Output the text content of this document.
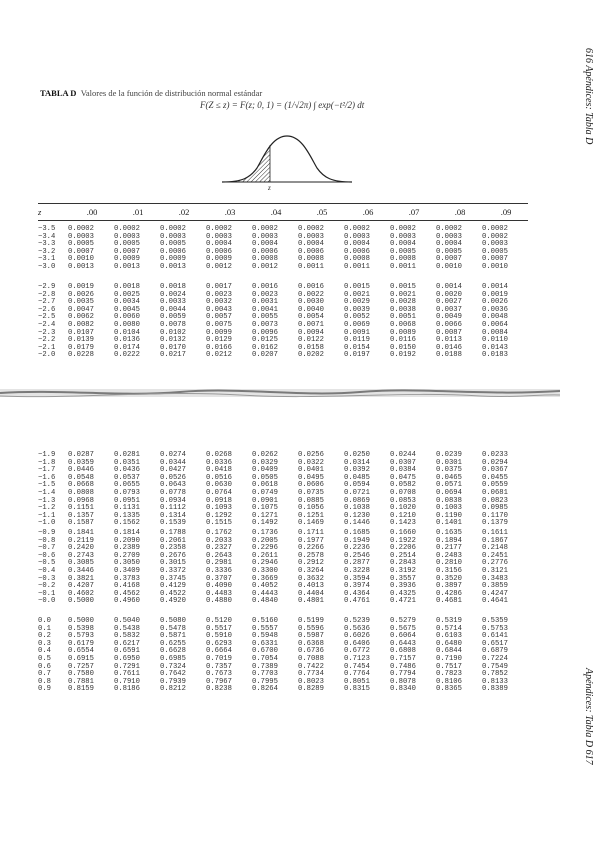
616 Apéndices: Tabla D
Apéndices: Tabla D 617
TABLA D Valores de la función de distribución normal estándar
F(Z ≤ z) = F(z; 0, 1) = (1/√2π) ∫ exp(−t²/2) dt
z
z	.00	.01	.02	.03	.04	.05	.06	.07	.08	.09
−3.5	0.0002	0.0002	0.0002	0.0002	0.0002	0.0002	0.0002	0.0002	0.0002	0.0002
−3.4	0.0003	0.0003	0.0003	0.0003	0.0003	0.0003	0.0003	0.0003	0.0003	0.0002
−3.3	0.0005	0.0005	0.0005	0.0004	0.0004	0.0004	0.0004	0.0004	0.0004	0.0003
−3.2	0.0007	0.0007	0.0006	0.0006	0.0006	0.0006	0.0006	0.0005	0.0005	0.0005
−3.1	0.0010	0.0009	0.0009	0.0009	0.0008	0.0008	0.0008	0.0008	0.0007	0.0007
−3.0	0.0013	0.0013	0.0013	0.0012	0.0012	0.0011	0.0011	0.0011	0.0010	0.0010
−2.9	0.0019	0.0018	0.0018	0.0017	0.0016	0.0016	0.0015	0.0015	0.0014	0.0014
−2.8	0.0026	0.0025	0.0024	0.0023	0.0023	0.0022	0.0021	0.0021	0.0020	0.0019
−2.7	0.0035	0.0034	0.0033	0.0032	0.0031	0.0030	0.0029	0.0028	0.0027	0.0026
−2.6	0.0047	0.0045	0.0044	0.0043	0.0041	0.0040	0.0039	0.0038	0.0037	0.0036
−2.5	0.0062	0.0060	0.0059	0.0057	0.0055	0.0054	0.0052	0.0051	0.0049	0.0048
−2.4	0.0082	0.0080	0.0078	0.0075	0.0073	0.0071	0.0069	0.0068	0.0066	0.0064
−2.3	0.0107	0.0104	0.0102	0.0099	0.0096	0.0094	0.0091	0.0089	0.0087	0.0084
−2.2	0.0139	0.0136	0.0132	0.0129	0.0125	0.0122	0.0119	0.0116	0.0113	0.0110
−2.1	0.0179	0.0174	0.0170	0.0166	0.0162	0.0158	0.0154	0.0150	0.0146	0.0143
−2.0	0.0228	0.0222	0.0217	0.0212	0.0207	0.0202	0.0197	0.0192	0.0188	0.0183
−1.9	0.0287	0.0281	0.0274	0.0268	0.0262	0.0256	0.0250	0.0244	0.0239	0.0233
−1.8	0.0359	0.0351	0.0344	0.0336	0.0329	0.0322	0.0314	0.0307	0.0301	0.0294
−1.7	0.0446	0.0436	0.0427	0.0418	0.0409	0.0401	0.0392	0.0384	0.0375	0.0367
−1.6	0.0548	0.0537	0.0526	0.0516	0.0505	0.0495	0.0485	0.0475	0.0465	0.0455
−1.5	0.0668	0.0655	0.0643	0.0630	0.0618	0.0606	0.0594	0.0582	0.0571	0.0559
−1.4	0.0808	0.0793	0.0778	0.0764	0.0749	0.0735	0.0721	0.0708	0.0694	0.0681
−1.3	0.0968	0.0951	0.0934	0.0918	0.0901	0.0885	0.0869	0.0853	0.0838	0.0823
−1.2	0.1151	0.1131	0.1112	0.1093	0.1075	0.1056	0.1038	0.1020	0.1003	0.0985
−1.1	0.1357	0.1335	0.1314	0.1292	0.1271	0.1251	0.1230	0.1210	0.1190	0.1170
−1.0	0.1587	0.1562	0.1539	0.1515	0.1492	0.1469	0.1446	0.1423	0.1401	0.1379
−0.9	0.1841	0.1814	0.1788	0.1762	0.1736	0.1711	0.1685	0.1660	0.1635	0.1611
−0.8	0.2119	0.2090	0.2061	0.2033	0.2005	0.1977	0.1949	0.1922	0.1894	0.1867
−0.7	0.2420	0.2389	0.2358	0.2327	0.2296	0.2266	0.2236	0.2206	0.2177	0.2148
−0.6	0.2743	0.2709	0.2676	0.2643	0.2611	0.2578	0.2546	0.2514	0.2483	0.2451
−0.5	0.3085	0.3050	0.3015	0.2981	0.2946	0.2912	0.2877	0.2843	0.2810	0.2776
−0.4	0.3446	0.3409	0.3372	0.3336	0.3300	0.3264	0.3228	0.3192	0.3156	0.3121
−0.3	0.3821	0.3783	0.3745	0.3707	0.3669	0.3632	0.3594	0.3557	0.3520	0.3483
−0.2	0.4207	0.4168	0.4129	0.4090	0.4052	0.4013	0.3974	0.3936	0.3897	0.3859
−0.1	0.4602	0.4562	0.4522	0.4483	0.4443	0.4404	0.4364	0.4325	0.4286	0.4247
−0.0	0.5000	0.4960	0.4920	0.4880	0.4840	0.4801	0.4761	0.4721	0.4681	0.4641
0.0	0.5000	0.5040	0.5080	0.5120	0.5160	0.5199	0.5239	0.5279	0.5319	0.5359
0.1	0.5398	0.5438	0.5478	0.5517	0.5557	0.5596	0.5636	0.5675	0.5714	0.5753
0.2	0.5793	0.5832	0.5871	0.5910	0.5948	0.5987	0.6026	0.6064	0.6103	0.6141
0.3	0.6179	0.6217	0.6255	0.6293	0.6331	0.6368	0.6406	0.6443	0.6480	0.6517
0.4	0.6554	0.6591	0.6628	0.6664	0.6700	0.6736	0.6772	0.6808	0.6844	0.6879
0.5	0.6915	0.6950	0.6985	0.7019	0.7054	0.7088	0.7123	0.7157	0.7190	0.7224
0.6	0.7257	0.7291	0.7324	0.7357	0.7389	0.7422	0.7454	0.7486	0.7517	0.7549
0.7	0.7580	0.7611	0.7642	0.7673	0.7703	0.7734	0.7764	0.7794	0.7823	0.7852
0.8	0.7881	0.7910	0.7939	0.7967	0.7995	0.8023	0.8051	0.8078	0.8106	0.8133
0.9	0.8159	0.8186	0.8212	0.8238	0.8264	0.8289	0.8315	0.8340	0.8365	0.8389
